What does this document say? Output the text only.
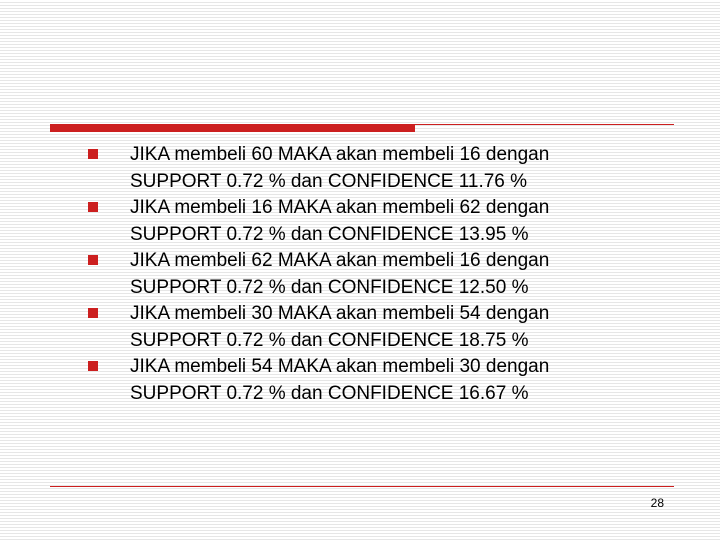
JIKA membeli 60 MAKA akan membeli 16 dengan
SUPPORT 0.72 % dan CONFIDENCE 11.76 %
JIKA membeli 16 MAKA akan membeli 62 dengan
SUPPORT 0.72 % dan CONFIDENCE 13.95 %
JIKA membeli 62 MAKA akan membeli 16 dengan
SUPPORT 0.72 % dan CONFIDENCE 12.50 %
JIKA membeli 30 MAKA akan membeli 54 dengan
SUPPORT 0.72 % dan CONFIDENCE 18.75 %
JIKA membeli 54 MAKA akan membeli 30 dengan
SUPPORT 0.72 % dan CONFIDENCE 16.67 %
28
